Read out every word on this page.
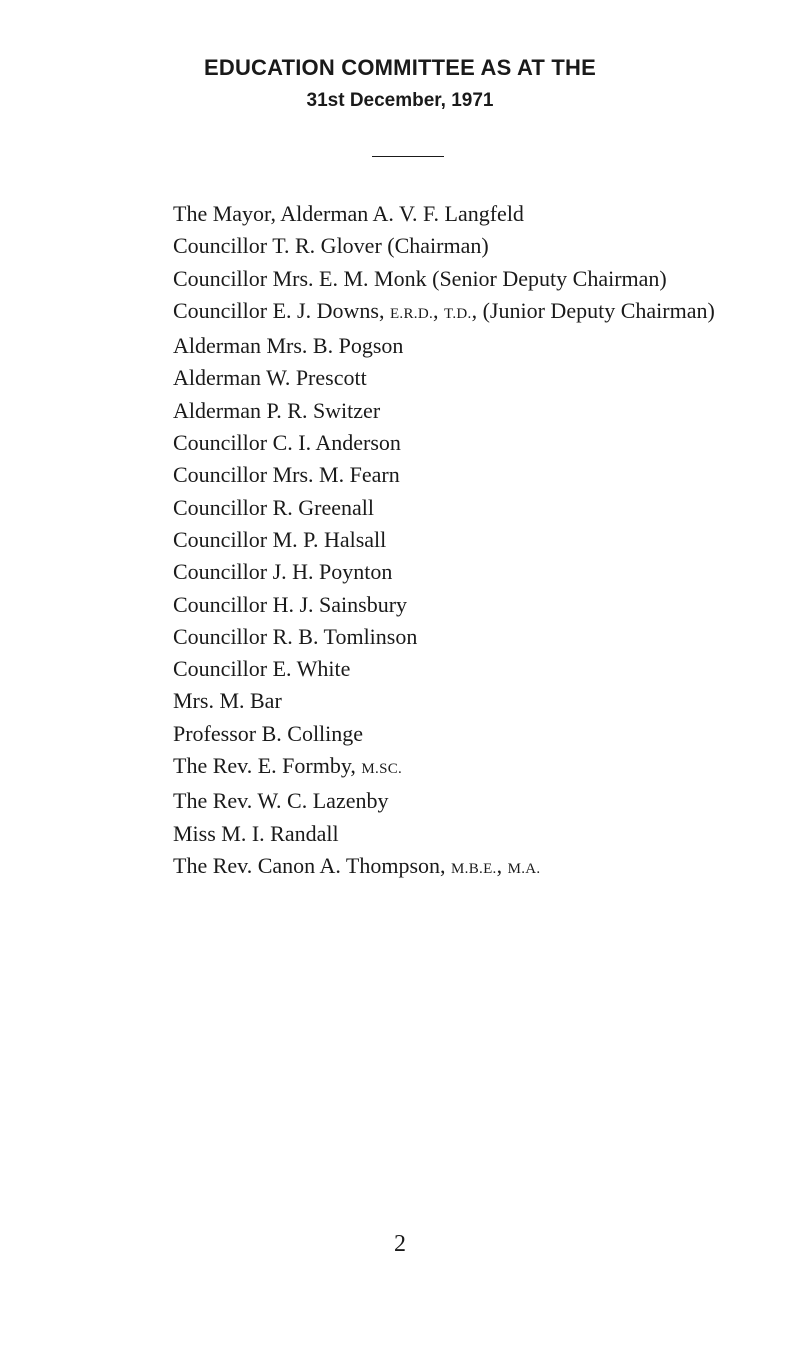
EDUCATION COMMITTEE AS AT THE
31st December, 1971
The Mayor, Alderman A. V. F. Langfeld
Councillor T. R. Glover (Chairman)
Councillor Mrs. E. M. Monk (Senior Deputy Chairman)
Councillor E. J. Downs, E.R.D., T.D., (Junior Deputy Chairman)
Alderman Mrs. B. Pogson
Alderman W. Prescott
Alderman P. R. Switzer
Councillor C. I. Anderson
Councillor Mrs. M. Fearn
Councillor R. Greenall
Councillor M. P. Halsall
Councillor J. H. Poynton
Councillor H. J. Sainsbury
Councillor R. B. Tomlinson
Councillor E. White
Mrs. M. Bar
Professor B. Collinge
The Rev. E. Formby, M.SC.
The Rev. W. C. Lazenby
Miss M. I. Randall
The Rev. Canon A. Thompson, M.B.E., M.A.
2
